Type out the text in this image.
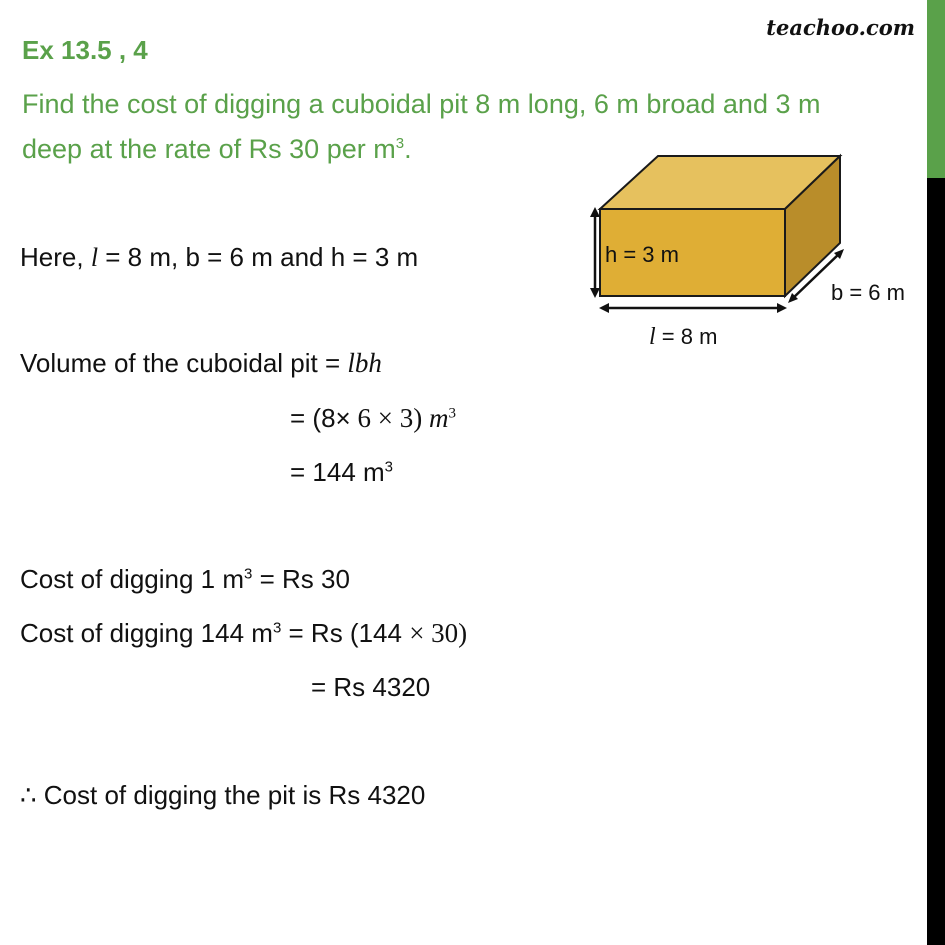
teachoo.com
Ex 13.5 , 4
Find the cost of digging a cuboidal pit 8 m long, 6 m broad and 3 m
deep at the rate of Rs 30 per $m^3$.
h = 3 m
b = 6 m
l = 8 m
Here, l = 8 m, b = 6 m and h = 3 m
Volume of the cuboidal pit = lbh
= (8× 6 × 3) $m^3$
= 144 $m^3$
Cost of digging 1 $m^3 = Rs$ 30
Cost of digging 144 $m^3 = Rs$ (144 × 30)
= Rs 4320
∴ Cost of digging the pit is Rs 4320
